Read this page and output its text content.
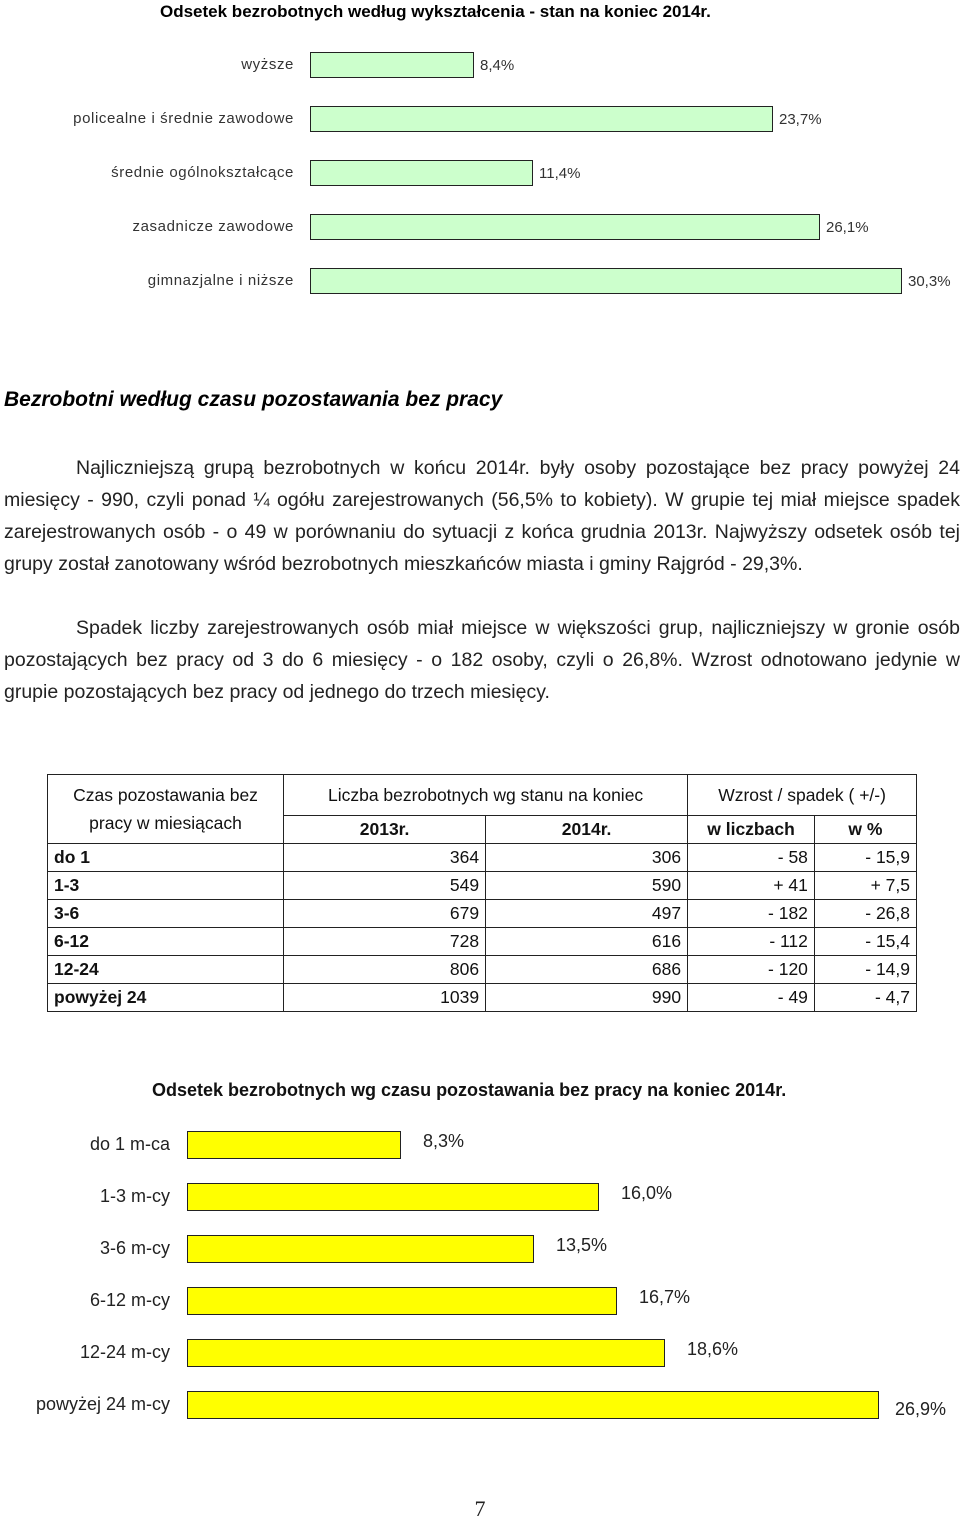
Odsetek bezrobotnych według wykształcenia - stan na koniec 2014r.
wyższe	8,4%
policealne i średnie zawodowe	23,7%
średnie ogólnokształcące	11,4%
zasadnicze zawodowe	26,1%
gimnazjalne i niższe	30,3%
Bezrobotni według czasu pozostawania bez pracy

Najliczniejszą grupą bezrobotnych w końcu 2014r. były osoby pozostające bez pracy powyżej 24 miesięcy - 990, czyli ponad ¼ ogółu zarejestrowanych (56,5% to kobiety). W grupie tej miał miejsce spadek zarejestrowanych osób - o 49 w porównaniu do sytuacji z końca grudnia 2013r. Najwyższy odsetek osób tej grupy został zanotowany wśród bezrobotnych mieszkańców miasta i gminy Rajgród - 29,3%.

Spadek liczby zarejestrowanych osób miał miejsce w większości grup, najliczniejszy w gronie osób pozostających bez pracy od 3 do 6 miesięcy - o 182 osoby, czyli o 26,8%. Wzrost odnotowano jedynie w grupie pozostających bez pracy od jednego do trzech miesięcy.

Czas pozostawania bez pracy w miesiącach	Liczba bezrobotnych wg stanu na koniec		Wzrost / spadek ( +/-)	
	2013r.	2014r.	w liczbach	w %
do 1	364	306	- 58	- 15,9
1-3	549	590	+ 41	+ 7,5
3-6	679	497	- 182	- 26,8
6-12	728	616	- 112	- 15,4
12-24	806	686	- 120	- 14,9
powyżej 24	1039	990	- 49	- 4,7
Odsetek bezrobotnych wg czasu pozostawania bez pracy na koniec 2014r.
do 1 m-ca	8,3%
1-3 m-cy	16,0%
3-6 m-cy	13,5%
6-12 m-cy	16,7%
12-24 m-cy	18,6%
powyżej 24 m-cy	26,9%
7
